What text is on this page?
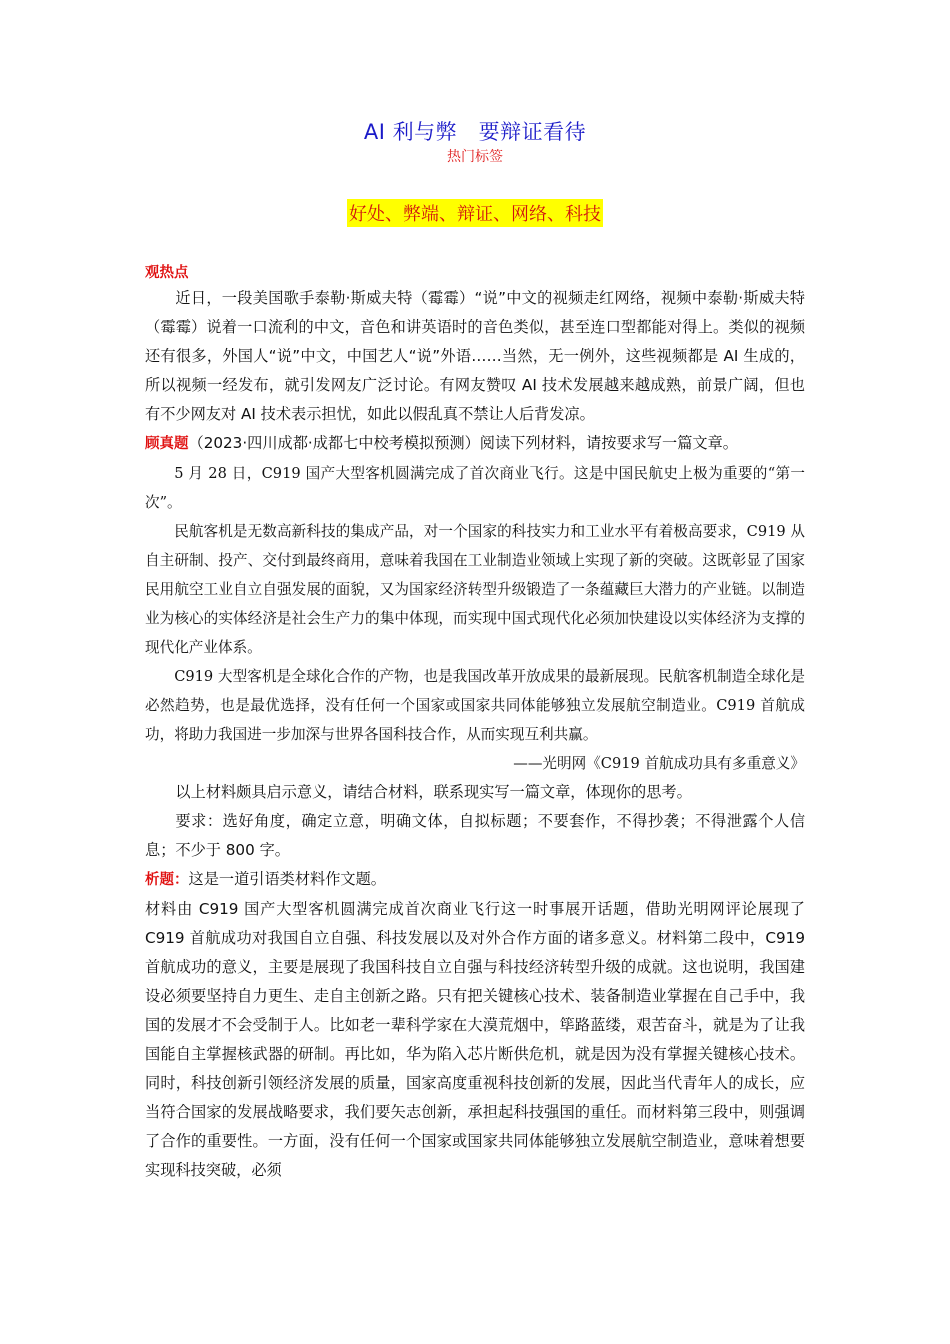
AI 利与弊　要辩证看待
热门标签
好处、弊端、辩证、网络、科技
观热点

近日，一段美国歌手泰勒·斯威夫特（霉霉）“说”中文的视频走红网络，视频中泰勒·斯威夫特（霉霉）说着一口流利的中文，音色和讲英语时的音色类似，甚至连口型都能对得上。类似的视频还有很多，外国人“说”中文，中国艺人“说”外语……当然，无一例外，这些视频都是 AI 生成的，所以视频一经发布，就引发网友广泛讨论。有网友赞叹 AI 技术发展越来越成熟，前景广阔，但也有不少网友对 AI 技术表示担忧，如此以假乱真不禁让人后背发凉。

顾真题（2023·四川成都·成都七中校考模拟预测）阅读下列材料，请按要求写一篇文章。

5 月 28 日，C919 国产大型客机圆满完成了首次商业飞行。这是中国民航史上极为重要的“第一次”。

民航客机是无数高新科技的集成产品，对一个国家的科技实力和工业水平有着极高要求，C919 从自主研制、投产、交付到最终商用，意味着我国在工业制造业领域上实现了新的突破。这既彰显了国家民用航空工业自立自强发展的面貌，又为国家经济转型升级锻造了一条蕴藏巨大潜力的产业链。以制造业为核心的实体经济是社会生产力的集中体现，而实现中国式现代化必须加快建设以实体经济为支撑的现代化产业体系。

C919 大型客机是全球化合作的产物，也是我国改革开放成果的最新展现。民航客机制造全球化是必然趋势，也是最优选择，没有任何一个国家或国家共同体能够独立发展航空制造业。C919 首航成功，将助力我国进一步加深与世界各国科技合作，从而实现互利共赢。

——光明网《C919 首航成功具有多重意义》

以上材料颇具启示意义，请结合材料，联系现实写一篇文章，体现你的思考。

要求：选好角度，确定立意，明确文体，自拟标题；不要套作，不得抄袭；不得泄露个人信息；不少于 800 字。

析题：这是一道引语类材料作文题。

材料由 C919 国产大型客机圆满完成首次商业飞行这一时事展开话题，借助光明网评论展现了 C919 首航成功对我国自立自强、科技发展以及对外合作方面的诸多意义。材料第二段中，C919 首航成功的意义，主要是展现了我国科技自立自强与科技经济转型升级的成就。这也说明，我国建设必须要坚持自力更生、走自主创新之路。只有把关键核心技术、装备制造业掌握在自己手中，我国的发展才不会受制于人。比如老一辈科学家在大漠荒烟中，筚路蓝缕，艰苦奋斗，就是为了让我国能自主掌握核武器的研制。再比如，华为陷入芯片断供危机，就是因为没有掌握关键核心技术。同时，科技创新引领经济发展的质量，国家高度重视科技创新的发展，因此当代青年人的成长，应当符合国家的发展战略要求，我们要矢志创新，承担起科技强国的重任。而材料第三段中，则强调了合作的重要性。一方面，没有任何一个国家或国家共同体能够独立发展航空制造业，意味着想要实现科技突破，必须
